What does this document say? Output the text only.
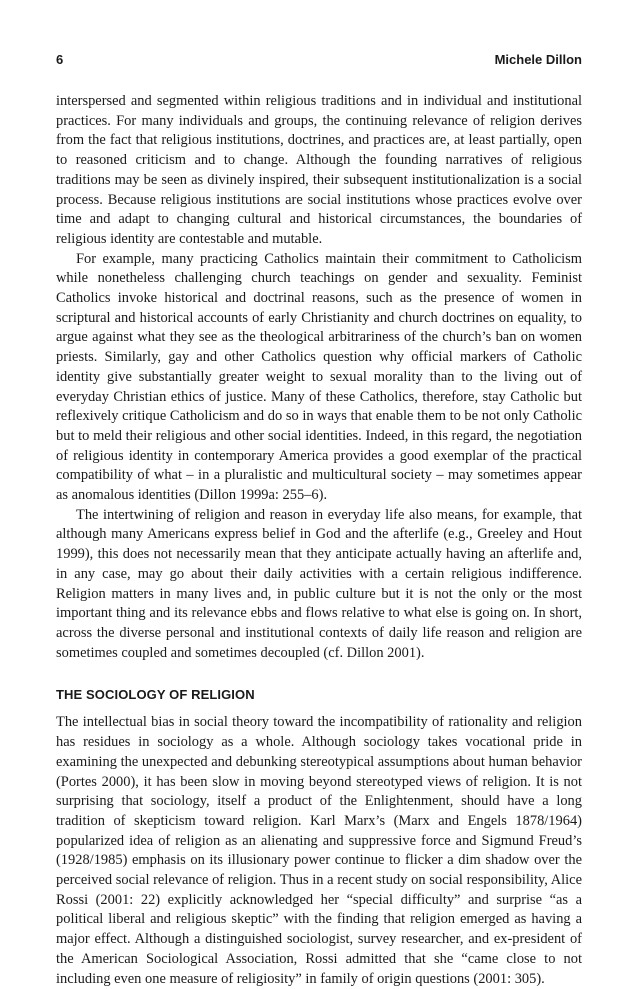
6	Michele Dillon

interspersed and segmented within religious traditions and in individual and institutional practices. For many individuals and groups, the continuing relevance of religion derives from the fact that religious institutions, doctrines, and practices are, at least partially, open to reasoned criticism and to change. Although the founding narratives of religious traditions may be seen as divinely inspired, their subsequent institutionalization is a social process. Because religious institutions are social institutions whose practices evolve over time and adapt to changing cultural and historical circumstances, the boundaries of religious identity are contestable and mutable.

For example, many practicing Catholics maintain their commitment to Catholicism while nonetheless challenging church teachings on gender and sexuality. Feminist Catholics invoke historical and doctrinal reasons, such as the presence of women in scriptural and historical accounts of early Christianity and church doctrines on equality, to argue against what they see as the theological arbitrariness of the church’s ban on women priests. Similarly, gay and other Catholics question why official markers of Catholic identity give substantially greater weight to sexual morality than to the living out of everyday Christian ethics of justice. Many of these Catholics, therefore, stay Catholic but reflexively critique Catholicism and do so in ways that enable them to be not only Catholic but to meld their religious and other social identities. Indeed, in this regard, the negotiation of religious identity in contemporary America provides a good exemplar of the practical compatibility of what – in a pluralistic and multicultural society – may sometimes appear as anomalous identities (Dillon 1999a: 255–6).

The intertwining of religion and reason in everyday life also means, for example, that although many Americans express belief in God and the afterlife (e.g., Greeley and Hout 1999), this does not necessarily mean that they anticipate actually having an afterlife and, in any case, may go about their daily activities with a certain religious indifference. Religion matters in many lives and, in public culture but it is not the only or the most important thing and its relevance ebbs and flows relative to what else is going on. In short, across the diverse personal and institutional contexts of daily life reason and religion are sometimes coupled and sometimes decoupled (cf. Dillon 2001).

THE SOCIOLOGY OF RELIGION

The intellectual bias in social theory toward the incompatibility of rationality and religion has residues in sociology as a whole. Although sociology takes vocational pride in examining the unexpected and debunking stereotypical assumptions about human behavior (Portes 2000), it has been slow in moving beyond stereotyped views of religion. It is not surprising that sociology, itself a product of the Enlightenment, should have a long tradition of skepticism toward religion. Karl Marx’s (Marx and Engels 1878/1964) popularized idea of religion as an alienating and suppressive force and Sigmund Freud’s (1928/1985) emphasis on its illusionary power continue to flicker a dim shadow over the perceived social relevance of religion. Thus in a recent study on social responsibility, Alice Rossi (2001: 22) explicitly acknowledged her “special difficulty” and surprise “as a political liberal and religious skeptic” with the finding that religion emerged as having a major effect. Although a distinguished sociologist, survey researcher, and ex-president of the American Sociological Association, Rossi admitted that she “came close to not including even one measure of religiosity” in family of origin questions (2001: 305).
